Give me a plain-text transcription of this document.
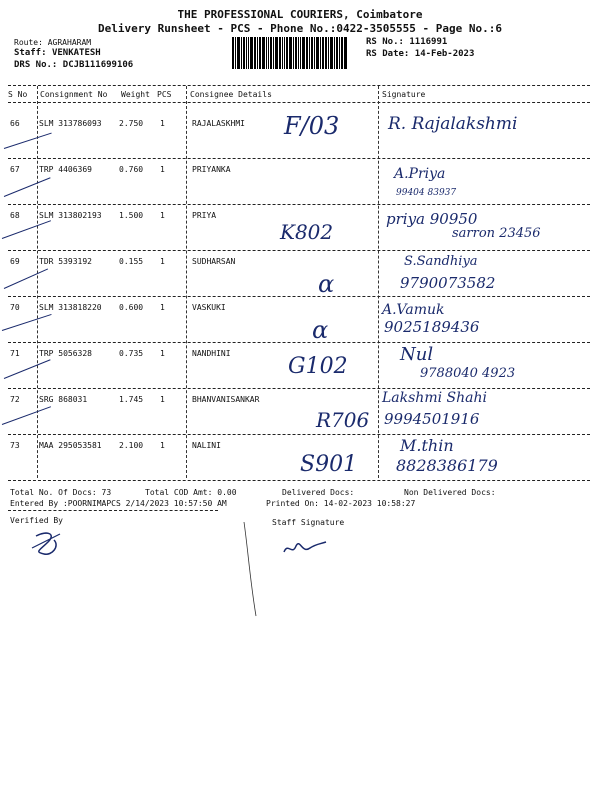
THE PROFESSIONAL COURIERS, Coimbatore
Delivery Runsheet - PCS - Phone No.:0422-3505555 - Page No.:6
Route: AGRAHARAM
Staff: VENKATESH
DRS No.: DCJB111699106
RS No.: 1116991
RS Date: 14-Feb-2023
S No Consignment No Weight PCS Consignee Details	Signature
66 SLM 313786093 2.750 1	RAJALASKHMI F/03	R. Rajalakshmi
67 TRP 4406369	0.760 1	PRIYANKA	A.Priya
99404 83937
68 SLM 313802193 1.500 1	PRIYA
K802
priya 90950
sarron 23456
69 TDR 5393192	0.155 1	SUDHARSAN
α
S.Sandhiya
9790073582
70 SLM 313818220 0.600 1	VASKUKI
α
A.Vamuk
9025189436
71 TRP 5056328	0.735 1	NANDHINI
G102	Nul
9788040 4923
72 SRG 868031	1.745 1	BHANVANISANKAR
R706
Lakshmi Shahi
9994501916
73 MAA 295053581 2.100 1	NALINI
S901
M.thin
8828386179
Total No. Of Docs: 73	Total COD Amt: 0.00	Delivered Docs:	Non Delivered Docs:
Entered By :POORNIMAPCS 2/14/2023 10:57:50 AM	Printed On: 14-02-2023 10:58:27
Verified By	Staff Signature
